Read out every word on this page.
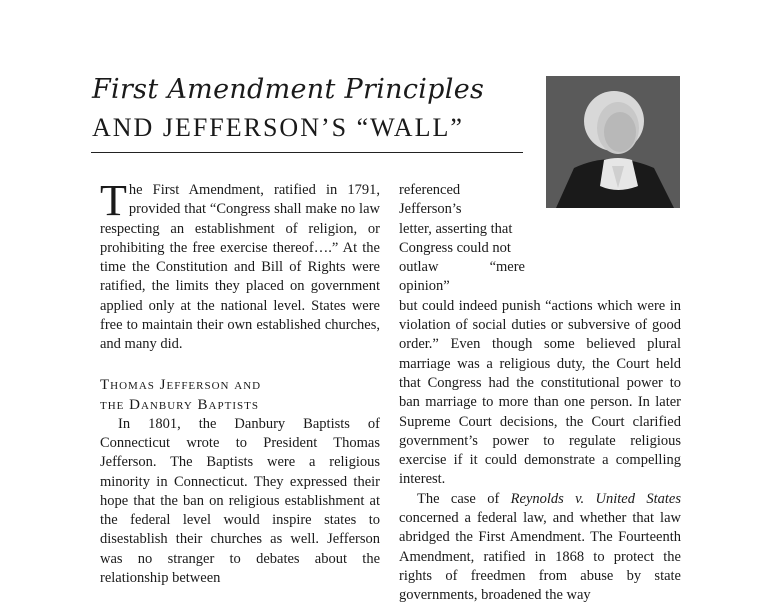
First Amendment Principles
AND JEFFERSON’S “WALL”

The First Amendment, ratified in 1791, provided that “Congress shall make no law respecting an establishment of religion, or prohibiting the free exercise thereof….” At the time the Constitution and Bill of Rights were ratified, the limits they placed on government applied only at the national level. States were free to maintain their own established churches, and many did.

Thomas Jefferson and
the Danbury Baptists

In 1801, the Danbury Baptists of Connecticut wrote to President Thomas Jefferson. The Baptists were a religious minority in Connecticut. They expressed their hope that the ban on religious establishment at the federal level would inspire states to disestablish their churches as well. Jefferson was no stranger to debates about the relationship between

referenced Jefferson’s
letter, asserting that
Congress could not
outlaw “mere opinion”

but could indeed punish “actions which were in violation of social duties or subversive of good order.” Even though some believed plural marriage was a religious duty, the Court held that Congress had the constitutional power to ban marriage to more than one person. In later Supreme Court decisions, the Court clarified government’s power to regulate religious exercise if it could demonstrate a compelling interest.

The case of Reynolds v. United States concerned a federal law, and whether that law abridged the First Amendment. The Fourteenth Amendment, ratified in 1868 to protect the rights of freedmen from abuse by state governments, broadened the way
